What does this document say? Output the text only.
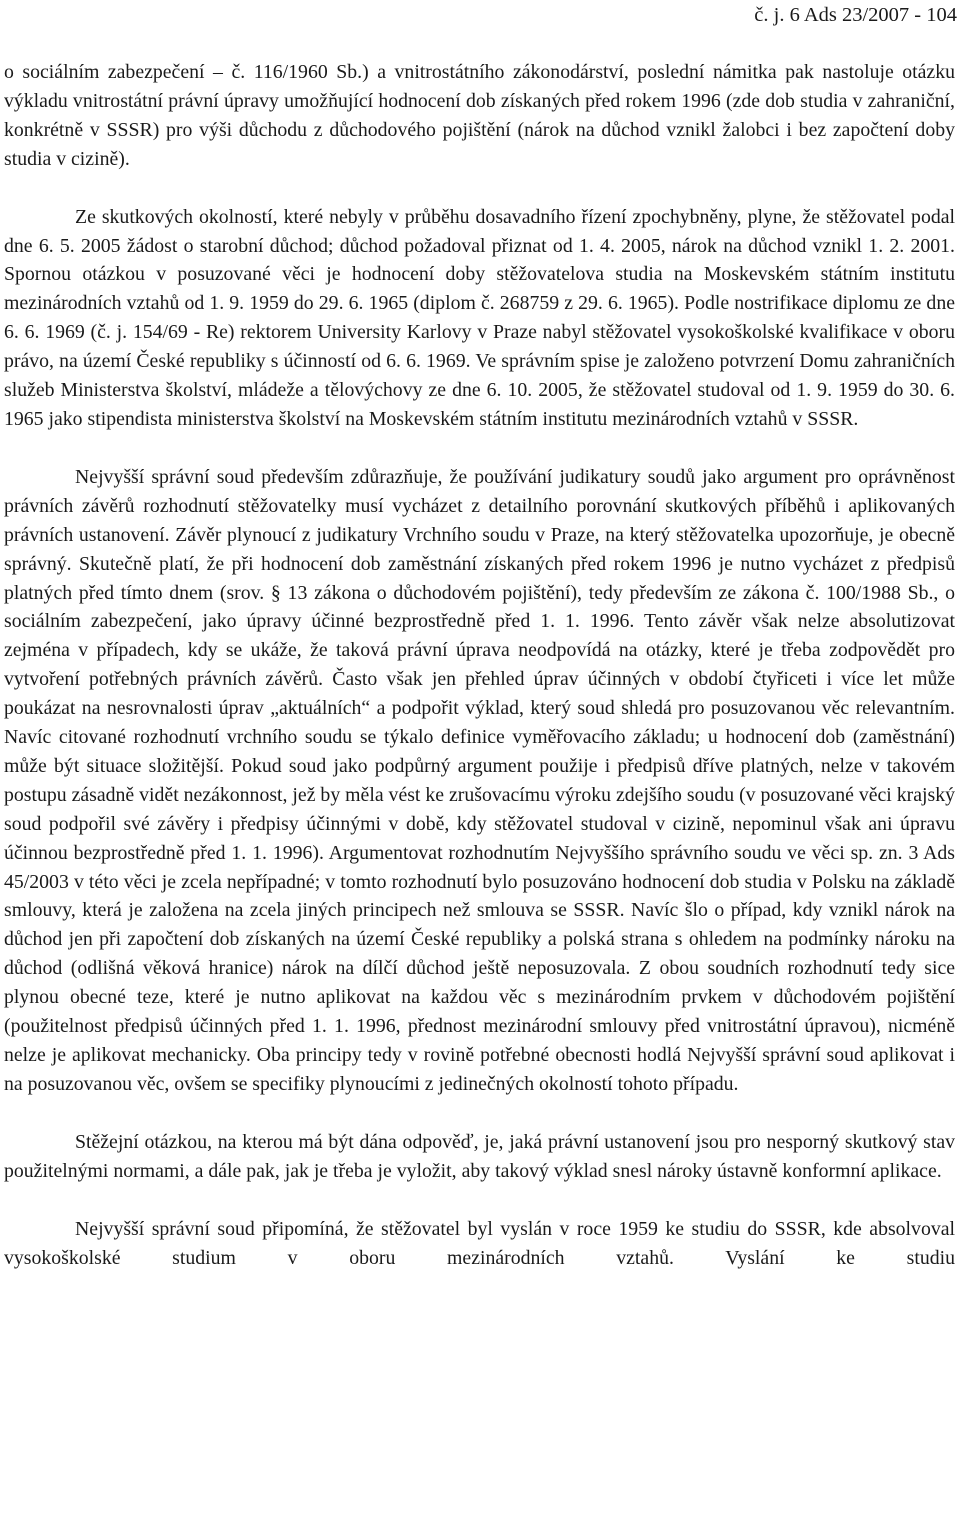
č. j. 6 Ads 23/2007 - 104

o sociálním zabezpečení – č. 116/1960 Sb.) a vnitrostátního zákonodárství, poslední námitka pak nastoluje otázku výkladu vnitrostátní právní úpravy umožňující hodnocení dob získaných před rokem 1996 (zde dob studia v zahraniční, konkrétně v SSSR) pro výši důchodu z důchodového pojištění (nárok na důchod vznikl žalobci i bez započtení doby studia v cizině).

Ze skutkových okolností, které nebyly v průběhu dosavadního řízení zpochybněny, plyne, že stěžovatel podal dne 6. 5. 2005 žádost o starobní důchod; důchod požadoval přiznat od 1. 4. 2005, nárok na důchod vznikl 1. 2. 2001. Spornou otázkou v posuzované věci je hodnocení doby stěžovatelova studia na Moskevském státním institutu mezinárodních vztahů od 1. 9. 1959 do 29. 6. 1965 (diplom č. 268759 z 29. 6. 1965). Podle nostrifikace diplomu ze dne 6. 6. 1969 (č. j. 154/69 - Re) rektorem University Karlovy v Praze nabyl stěžovatel vysokoškolské kvalifikace v oboru právo, na území České republiky s účinností od 6. 6. 1969. Ve správním spise je založeno potvrzení Domu zahraničních služeb Ministerstva školství, mládeže a tělovýchovy ze dne 6. 10. 2005, že stěžovatel studoval od 1. 9. 1959 do 30. 6. 1965 jako stipendista ministerstva školství na Moskevském státním institutu mezinárodních vztahů v SSSR.

Nejvyšší správní soud především zdůrazňuje, že používání judikatury soudů jako argument pro oprávněnost právních závěrů rozhodnutí stěžovatelky musí vycházet z detailního porovnání skutkových příběhů i aplikovaných právních ustanovení. Závěr plynoucí z judikatury Vrchního soudu v Praze, na který stěžovatelka upozorňuje, je obecně správný. Skutečně platí, že při hodnocení dob zaměstnání získaných před rokem 1996 je nutno vycházet z předpisů platných před tímto dnem (srov. § 13 zákona o důchodovém pojištění), tedy především ze zákona č. 100/1988 Sb., o sociálním zabezpečení, jako úpravy účinné bezprostředně před 1. 1. 1996. Tento závěr však nelze absolutizovat zejména v případech, kdy se ukáže, že taková právní úprava neodpovídá na otázky, které je třeba zodpovědět pro vytvoření potřebných právních závěrů. Často však jen přehled úprav účinných v období čtyřiceti i více let může poukázat na nesrovnalosti úprav „aktuálních“ a podpořit výklad, který soud shledá pro posuzovanou věc relevantním. Navíc citované rozhodnutí vrchního soudu se týkalo definice vyměřovacího základu; u hodnocení dob (zaměstnání) může být situace složitější. Pokud soud jako podpůrný argument použije i předpisů dříve platných, nelze v takovém postupu zásadně vidět nezákonnost, jež by měla vést ke zrušovacímu výroku zdejšího soudu (v posuzované věci krajský soud podpořil své závěry i předpisy účinnými v době, kdy stěžovatel studoval v cizině, nepominul však ani úpravu účinnou bezprostředně před 1. 1. 1996). Argumentovat rozhodnutím Nejvyššího správního soudu ve věci sp. zn. 3 Ads 45/2003 v této věci je zcela nepřípadné; v tomto rozhodnutí bylo posuzováno hodnocení dob studia v Polsku na základě smlouvy, která je založena na zcela jiných principech než smlouva se SSSR. Navíc šlo o případ, kdy vznikl nárok na důchod jen při započtení dob získaných na území České republiky a polská strana s ohledem na podmínky nároku na důchod (odlišná věková hranice) nárok na dílčí důchod ještě neposuzovala. Z obou soudních rozhodnutí tedy sice plynou obecné teze, které je nutno aplikovat na každou věc s mezinárodním prvkem v důchodovém pojištění (použitelnost předpisů účinných před 1. 1. 1996, přednost mezinárodní smlouvy před vnitrostátní úpravou), nicméně nelze je aplikovat mechanicky. Oba principy tedy v rovině potřebné obecnosti hodlá Nejvyšší správní soud aplikovat i na posuzovanou věc, ovšem se specifiky plynoucími z jedinečných okolností tohoto případu.

Stěžejní otázkou, na kterou má být dána odpověď, je, jaká právní ustanovení jsou pro nesporný skutkový stav použitelnými normami, a dále pak, jak je třeba je vyložit, aby takový výklad snesl nároky ústavně konformní aplikace.

Nejvyšší správní soud připomíná, že stěžovatel byl vyslán v roce 1959 ke studiu do SSSR, kde absolvoval vysokoškolské studium v oboru mezinárodních vztahů. Vyslání ke studiu
